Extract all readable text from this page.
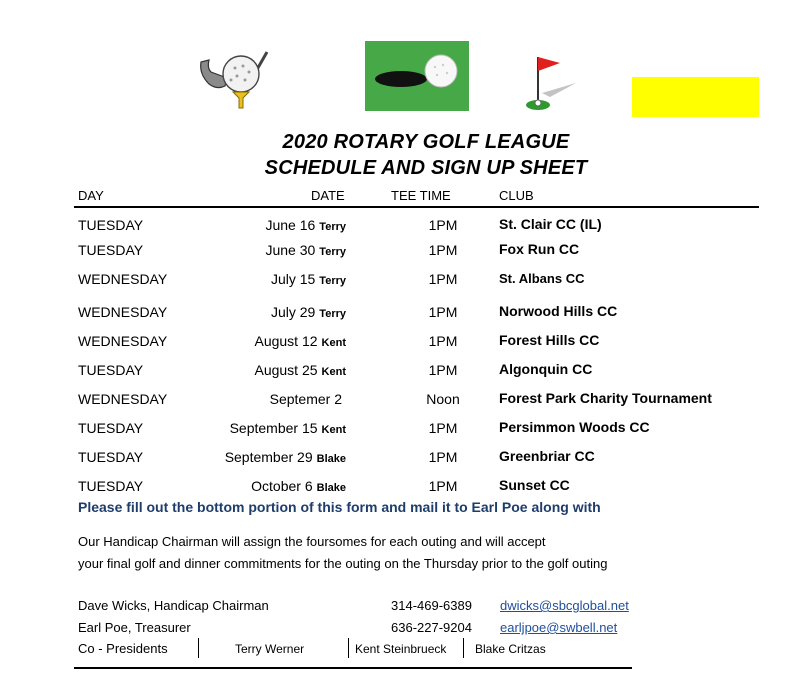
2020 ROTARY GOLF LEAGUE
SCHEDULE AND SIGN UP SHEET
DAY	DATE	TEE TIME	CLUB
TUESDAY	June 16 Terry	1PM	St. Clair CC (IL)
TUESDAY	June 30 Terry	1PM	Fox Run CC
WEDNESDAY	July 15 Terry	1PM	St. Albans CC
WEDNESDAY	July 29 Terry	1PM	Norwood Hills CC
WEDNESDAY	August 12 Kent	1PM	Forest Hills CC
TUESDAY	August 25 Kent	1PM	Algonquin CC
WEDNESDAY	Septemer 2	Noon	Forest Park Charity Tournament
TUESDAY	September 15 Kent	1PM	Persimmon Woods CC
TUESDAY	September 29 Blake	1PM	Greenbriar CC
TUESDAY	October 6 Blake	1PM	Sunset CC
Please fill out the bottom portion of this form and mail it to Earl Poe along with
Our Handicap Chairman will assign the foursomes for each outing and will accept
your final golf and dinner commitments for the outing on the Thursday prior to the golf outing
Dave Wicks, Handicap Chairman	314-469-6389 dwicks@sbcglobal.net
Earl Poe, Treasurer	636-227-9204 earljpoe@swbell.net
Co - Presidents	Terry Werner	Kent Steinbrueck Blake Critzas
